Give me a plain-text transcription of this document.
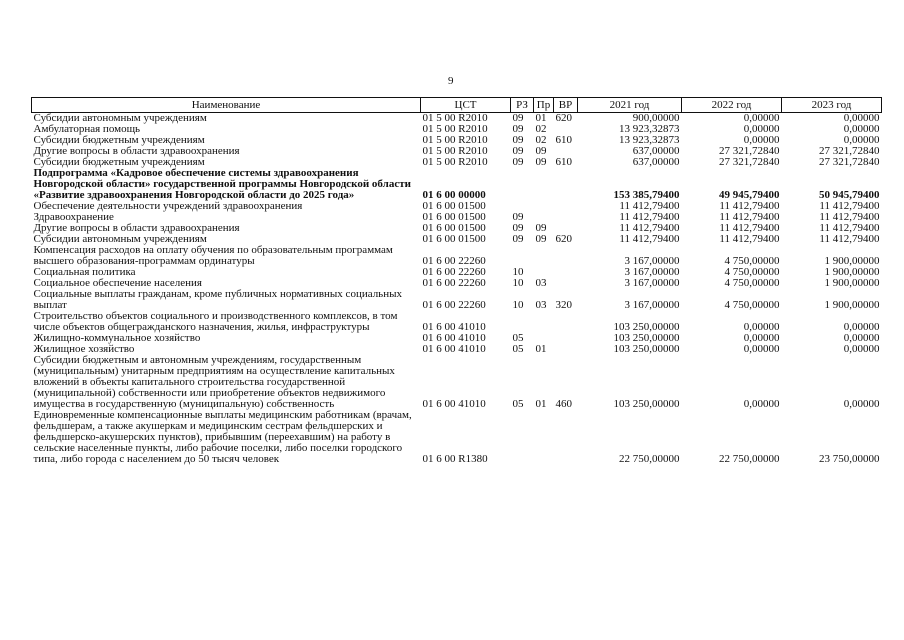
9
Наименование	ЦСТ	РЗ	Пр	ВР	2021 год	2022 год	2023 год
Субсидии автономным учреждениям	01 5 00 R2010	09	01	620	900,00000	0,00000	0,00000
Амбулаторная помощь	01 5 00 R2010	09	02		13 923,32873	0,00000	0,00000
Субсидии бюджетным учреждениям	01 5 00 R2010	09	02	610	13 923,32873	0,00000	0,00000
Другие вопросы в области здравоохранения	01 5 00 R2010	09	09		637,00000	27 321,72840	27 321,72840
Субсидии бюджетным учреждениям	01 5 00 R2010	09	09	610	637,00000	27 321,72840	27 321,72840
Подпрограмма «Кадровое обеспечение системы здравоохранения Новгородской области» государственной программы Новгородской области «Развитие здравоохранения Новгородской области до 2025 года»	01 6 00 00000				153 385,79400	49 945,79400	50 945,79400
Обеспечение деятельности учреждений здравоохранения	01 6 00 01500				11 412,79400	11 412,79400	11 412,79400
Здравоохранение	01 6 00 01500	09			11 412,79400	11 412,79400	11 412,79400
Другие вопросы в области здравоохранения	01 6 00 01500	09	09		11 412,79400	11 412,79400	11 412,79400
Субсидии автономным учреждениям	01 6 00 01500	09	09	620	11 412,79400	11 412,79400	11 412,79400
Компенсация расходов на оплату обучения по образовательным программам высшего образования-программам ординатуры	01 6 00 22260				3 167,00000	4 750,00000	1 900,00000
Социальная политика	01 6 00 22260	10			3 167,00000	4 750,00000	1 900,00000
Социальное обеспечение населения	01 6 00 22260	10	03		3 167,00000	4 750,00000	1 900,00000
Социальные выплаты гражданам, кроме публичных нормативных социальных выплат	01 6 00 22260	10	03	320	3 167,00000	4 750,00000	1 900,00000
Строительство объектов социального и производственного комплексов, в том числе объектов общегражданского назначения, жилья, инфраструктуры	01 6 00 41010				103 250,00000	0,00000	0,00000
Жилищно-коммунальное хозяйство	01 6 00 41010	05			103 250,00000	0,00000	0,00000
Жилищное хозяйство	01 6 00 41010	05	01		103 250,00000	0,00000	0,00000
Субсидии бюджетным и автономным учреждениям, государственным (муниципальным) унитарным предприятиям на осуществление капитальных вложений в объекты капитального строительства государственной (муниципальной) собственности или приобретение объектов недвижимого имущества в государственную (муниципальную) собственность	01 6 00 41010	05	01	460	103 250,00000	0,00000	0,00000
Единовременные компенсационные выплаты медицинским работникам (врачам, фельдшерам, а также акушеркам и медицинским сестрам фельдшерских и фельдшерско-акушерских пунктов), прибывшим (переехавшим) на работу в сельские населенные пункты, либо рабочие поселки, либо поселки городского типа, либо города с населением до 50 тысяч человек	01 6 00 R1380				22 750,00000	22 750,00000	23 750,00000
